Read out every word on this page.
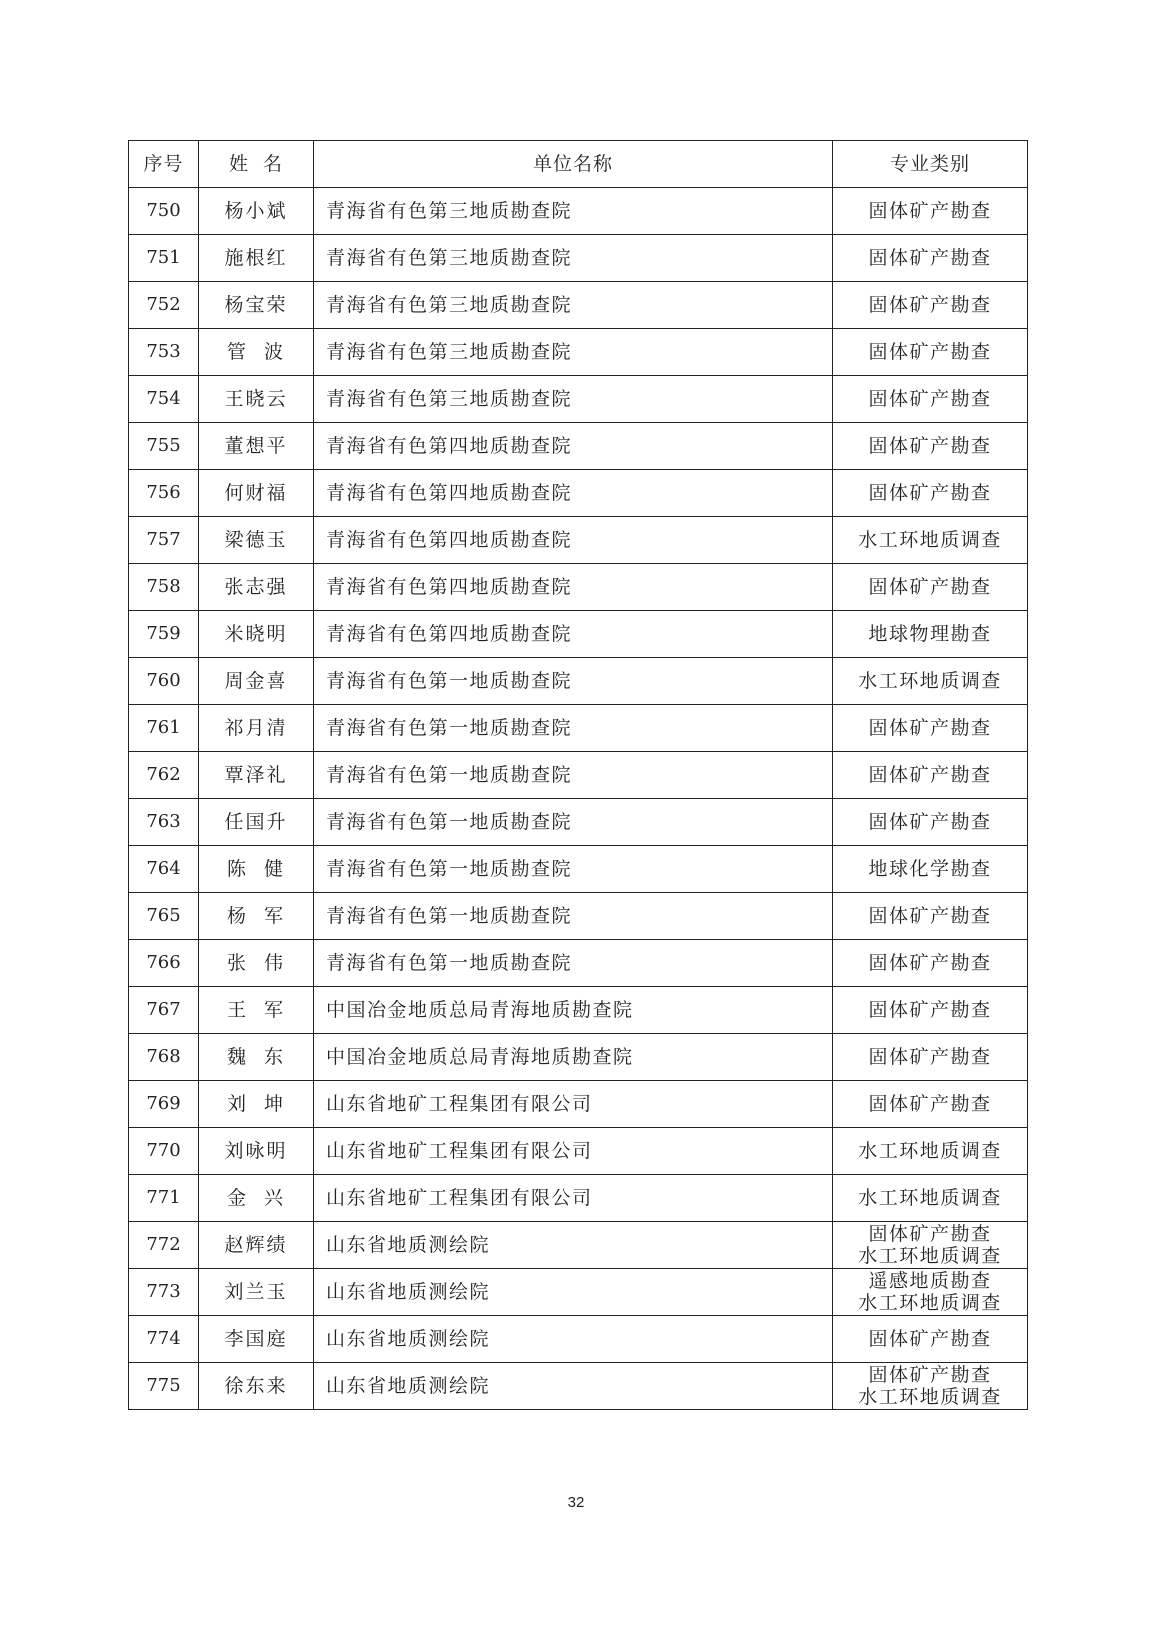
序号	姓  名	单位名称	专业类别
750	杨小斌	青海省有色第三地质勘查院	固体矿产勘查

751	施根红	青海省有色第三地质勘查院	固体矿产勘查

752	杨宝荣	青海省有色第三地质勘查院	固体矿产勘查

753	管  波	青海省有色第三地质勘查院	固体矿产勘查

754	王晓云	青海省有色第三地质勘查院	固体矿产勘查

755	董想平	青海省有色第四地质勘查院	固体矿产勘查

756	何财福	青海省有色第四地质勘查院	固体矿产勘查

757	梁德玉	青海省有色第四地质勘查院	水工环地质调查

758	张志强	青海省有色第四地质勘查院	固体矿产勘查

759	米晓明	青海省有色第四地质勘查院	地球物理勘查

760	周金喜	青海省有色第一地质勘查院	水工环地质调查

761	祁月清	青海省有色第一地质勘查院	固体矿产勘查

762	覃泽礼	青海省有色第一地质勘查院	固体矿产勘查

763	任国升	青海省有色第一地质勘查院	固体矿产勘查

764	陈  健	青海省有色第一地质勘查院	地球化学勘查

765	杨  军	青海省有色第一地质勘查院	固体矿产勘查

766	张  伟	青海省有色第一地质勘查院	固体矿产勘查

767	王  军	中国冶金地质总局青海地质勘查院	固体矿产勘查

768	魏  东	中国冶金地质总局青海地质勘查院	固体矿产勘查

769	刘  坤	山东省地矿工程集团有限公司	固体矿产勘查

770	刘咏明	山东省地矿工程集团有限公司	水工环地质调查

771	金  兴	山东省地矿工程集团有限公司	水工环地质调查

772	赵辉绩	山东省地质测绘院	固体矿产勘查
水工环地质调查

773	刘兰玉	山东省地质测绘院	遥感地质勘查
水工环地质调查

774	李国庭	山东省地质测绘院	固体矿产勘查

775	徐东来	山东省地质测绘院	固体矿产勘查
水工环地质调查
32
